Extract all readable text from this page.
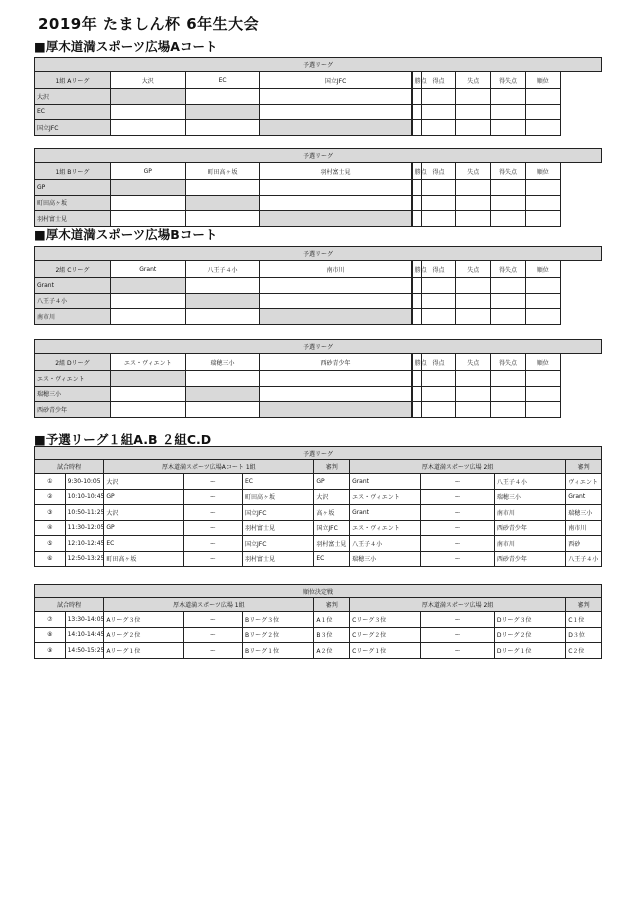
2019年 たましん杯 6年生大会
■厚木道満スポーツ広場Aコート
予選リーグ								
1組 Aリーグ	大沢	EC	国立JFC	勝点	得点	失点	得失点	順位
大沢								
EC								
国立JFC								
予選リーグ								
1組 Bリーグ	GP	町田高ヶ坂	羽村富士見	勝点	得点	失点	得失点	順位
GP								
町田高ヶ坂								
羽村富士見								
■厚木道満スポーツ広場Bコート
予選リーグ								
2組 Cリーグ	Grant	八王子４小	南市川	勝点	得点	失点	得失点	順位
Grant								
八王子４小								
南市川								
予選リーグ								
2組 Dリーグ	エス・ヴィエント	瑞穂三小	西砂青少年	勝点	得点	失点	得失点	順位
エス・ヴィエント								
瑞穂三小								
西砂青少年								
■予選リーグ１組A.B ２組C.D
予選リーグ									
試合時程		厚木道満スポーツ広場Aコート 1組			審判	厚木道満スポーツ広場 2組			審判
①	9:30-10:05	大沢	ー	EC	GP	Grant	ー	八王子４小	ヴィエント
②	10:10-10:45	GP	ー	町田高ヶ坂	大沢	エス・ヴィエント	ー	瑞穂三小	Grant
③	10:50-11:25	大沢	ー	国立JFC	高ヶ坂	Grant	ー	南市川	瑞穂三小
④	11:30-12:05	GP	ー	羽村富士見	国立JFC	エス・ヴィエント	ー	西砂青少年	南市川
⑤	12:10-12:45	EC	ー	国立JFC	羽村富士見	八王子４小	ー	南市川	西砂
⑥	12:50-13:25	町田高ヶ坂	ー	羽村富士見	EC	瑞穂三小	ー	西砂青少年	八王子４小
順位決定戦									
試合時程		厚木道満スポーツ広場 1組			審判	厚木道満スポーツ広場 2組			審判
⑦	13:30-14:05	Aリーグ３位	ー	Bリーグ３位	A１位	Cリーグ３位	ー	Dリーグ３位	C１位
⑧	14:10-14:45	Aリーグ２位	ー	Bリーグ２位	B３位	Cリーグ２位	ー	Dリーグ２位	D３位
⑨	14:50-15:25	Aリーグ１位	ー	Bリーグ１位	A２位	Cリーグ１位	ー	Dリーグ１位	C２位
